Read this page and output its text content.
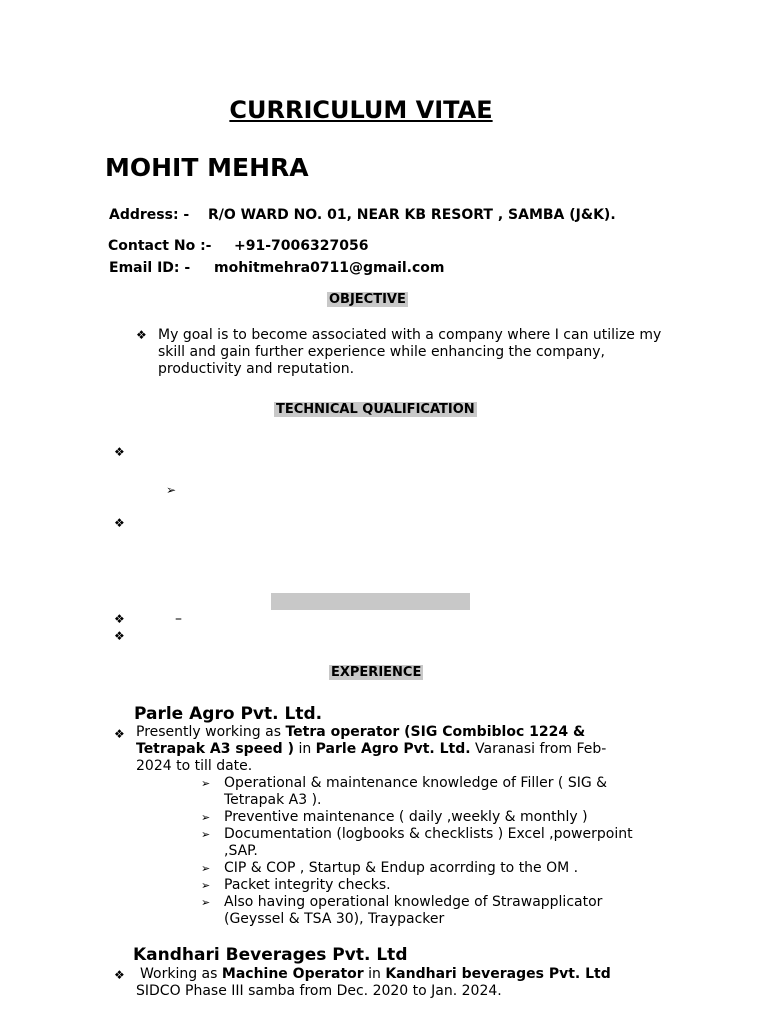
CURRICULUM VITAE
MOHIT MEHRA
Address: - R/O WARD NO. 01, NEAR KB RESORT , SAMBA (J&K).
Contact No :- +91-7006327056
Email ID: - mohitmehra0711@gmail.com
OBJECTIVE
❖ My goal is to become associated with a company where I can utilize my
skill and gain further experience while enhancing the company,
productivity and reputation.
TECHNICAL QUALIFICATION
❖
➢
❖
❖	–
❖
EXPERIENCE
Parle Agro Pvt. Ltd.
❖ Presently working as Tetra operator (SIG Combibloc 1224 &
Tetrapak A3 speed ) in Parle Agro Pvt. Ltd. Varanasi from Feb-
2024 to till date.
➢ Operational & maintenance knowledge of Filler ( SIG &
Tetrapak A3 ).
➢ Preventive maintenance ( daily ,weekly & monthly )
➢ Documentation (logbooks & checklists ) Excel ,powerpoint
,SAP.
➢ CIP & COP , Startup & Endup acorrding to the OM .
➢ Packet integrity checks.
➢ Also having operational knowledge of Strawapplicator
(Geyssel & TSA 30), Traypacker
Kandhari Beverages Pvt. Ltd
❖ Working as Machine Operator in Kandhari beverages Pvt. Ltd
SIDCO Phase III samba from Dec. 2020 to Jan. 2024.
